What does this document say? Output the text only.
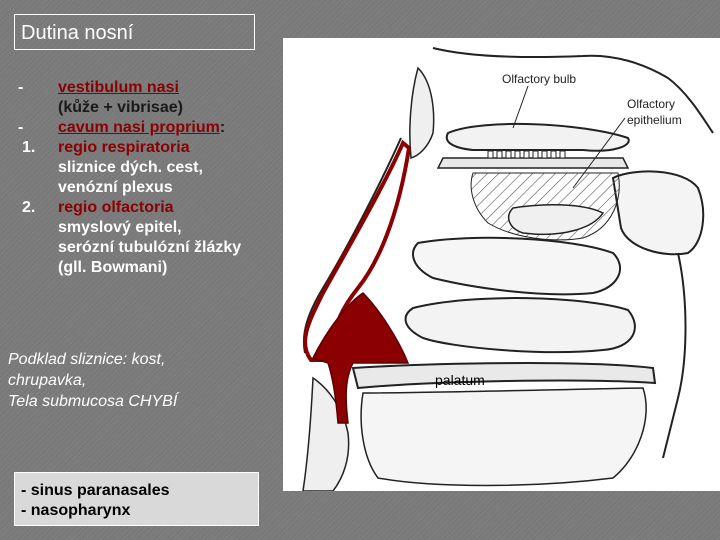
Dutina nosní
-	vestibulum nasi
(kůže + vibrisae)
-	cavum nasi proprium:
1.	regio respiratoria
sliznice dých. cest,
venózní plexus
2.	regio olfactoria
smyslový epitel,
serózní tubulózní žlázky
(gll. Bowmani)
Podklad sliznice: kost,
chrupavka,
Tela submucosa CHYBÍ
- sinus paranasales
- nasopharynx
Olfactory bulb
Olfactory
epithelium
palatum
